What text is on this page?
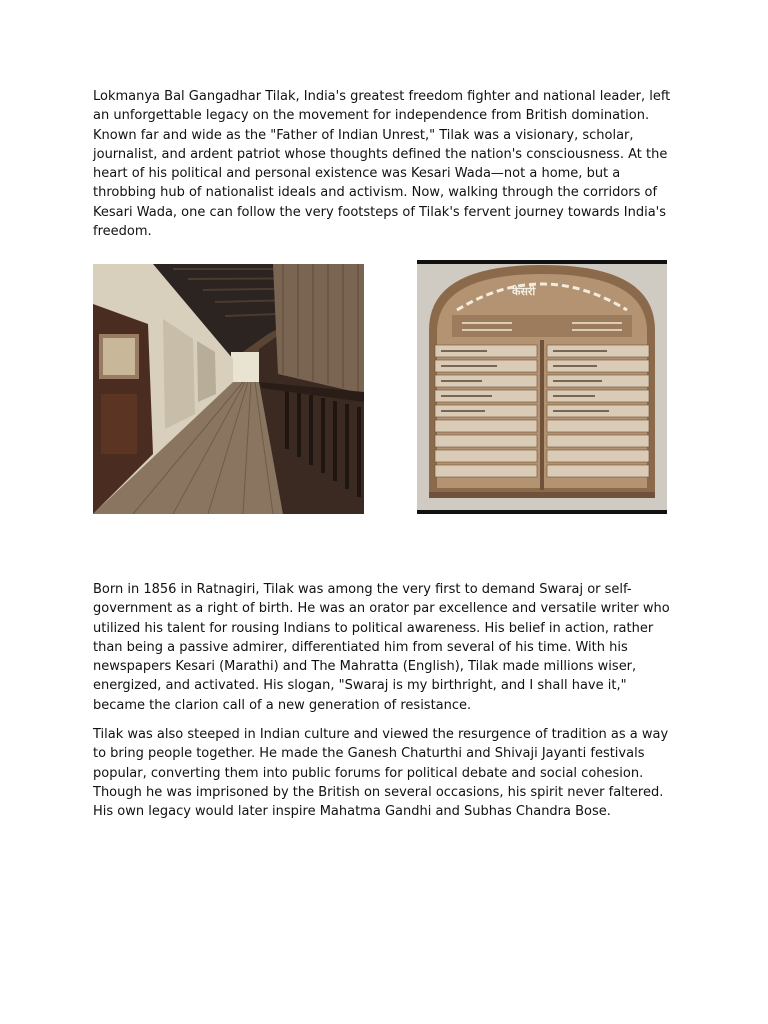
Lokmanya Bal Gangadhar Tilak, India's greatest freedom fighter and national leader, left an unforgettable legacy on the movement for independence from British domination. Known far and wide as the "Father of Indian Unrest," Tilak was a visionary, scholar, journalist, and ardent patriot whose thoughts defined the nation's consciousness. At the heart of his political and personal existence was Kesari Wada—not a home, but a throbbing hub of nationalist ideals and activism. Now, walking through the corridors of Kesari Wada, one can follow the very footsteps of Tilak's fervent journey towards India's freedom.

केसरी

Born in 1856 in Ratnagiri, Tilak was among the very first to demand Swaraj or self-government as a right of birth. He was an orator par excellence and versatile writer who utilized his talent for rousing Indians to political awareness. His belief in action, rather than being a passive admirer, differentiated him from several of his time. With his newspapers Kesari (Marathi) and The Mahratta (English), Tilak made millions wiser, energized, and activated. His slogan, "Swaraj is my birthright, and I shall have it," became the clarion call of a new generation of resistance.

Tilak was also steeped in Indian culture and viewed the resurgence of tradition as a way to bring people together. He made the Ganesh Chaturthi and Shivaji Jayanti festivals popular, converting them into public forums for political debate and social cohesion. Though he was imprisoned by the British on several occasions, his spirit never faltered. His own legacy would later inspire Mahatma Gandhi and Subhas Chandra Bose.
